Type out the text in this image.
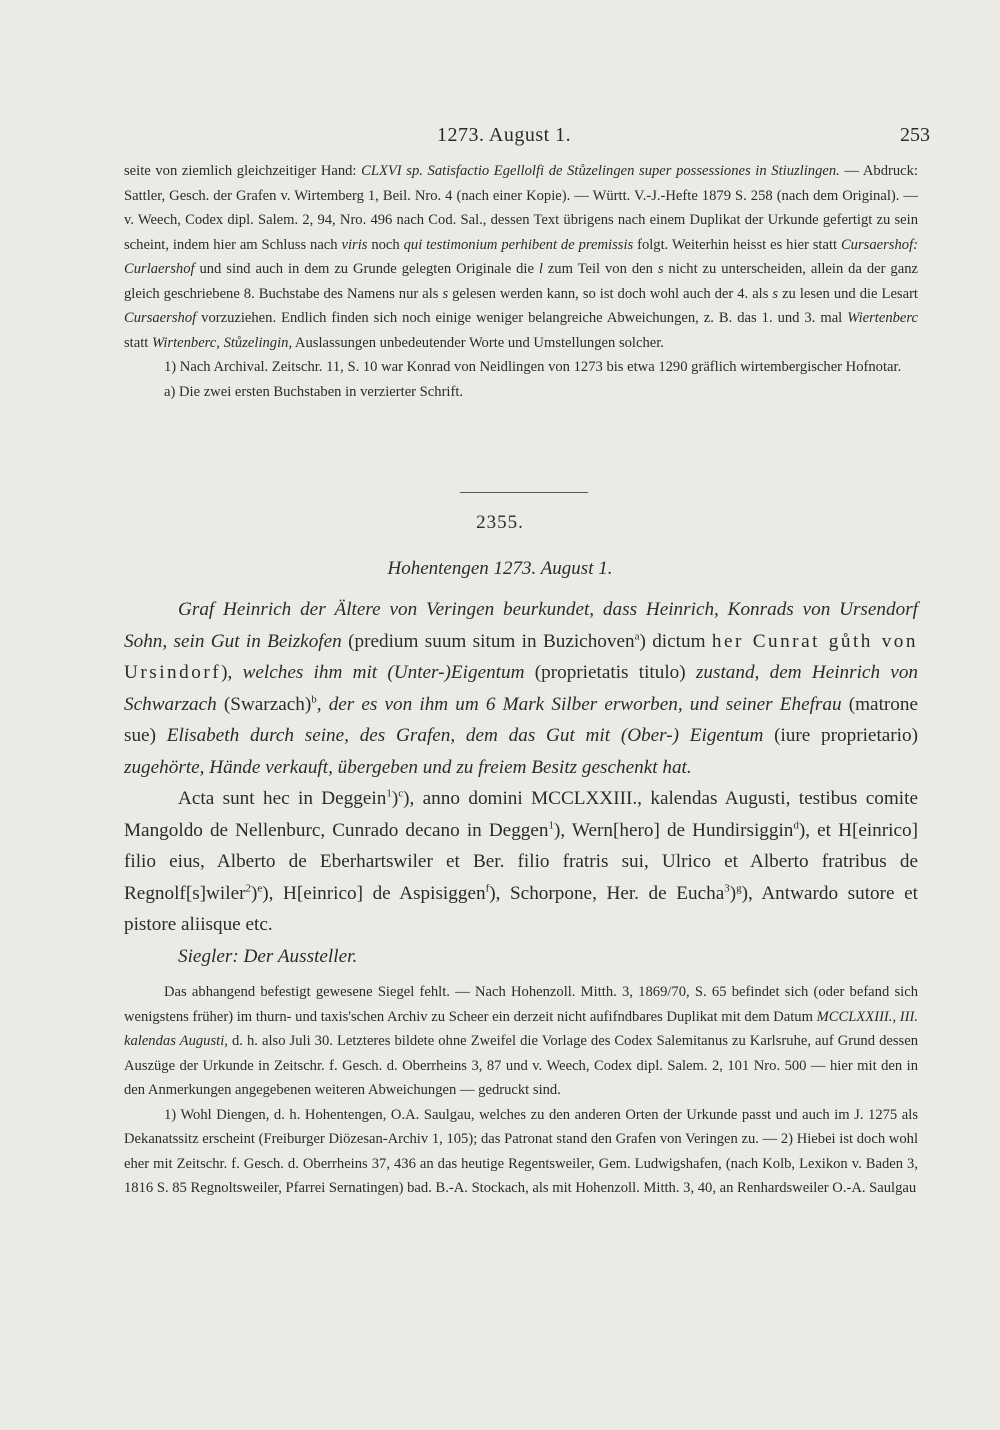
1273. August 1.	253

seite von ziemlich gleichzeitiger Hand: CLXVI sp. Satisfactio Egellolfi de Stůzelingen super possessiones in Stiuzlingen. — Abdruck: Sattler, Gesch. der Grafen v. Wirtemberg 1, Beil. Nro. 4 (nach einer Kopie). — Württ. V.-J.-Hefte 1879 S. 258 (nach dem Original). — v. Weech, Codex dipl. Salem. 2, 94, Nro. 496 nach Cod. Sal., dessen Text übrigens nach einem Duplikat der Urkunde gefertigt zu sein scheint, indem hier am Schluss nach viris noch qui testimonium perhibent de premissis folgt. Weiterhin heisst es hier statt Cursaershof: Curlaershof und sind auch in dem zu Grunde gelegten Originale die l zum Teil von den s nicht zu unterscheiden, allein da der ganz gleich geschriebene 8. Buchstabe des Namens nur als s gelesen werden kann, so ist doch wohl auch der 4. als s zu lesen und die Lesart Cursaershof vorzuziehen. Endlich finden sich noch einige weniger belangreiche Abweichungen, z. B. das 1. und 3. mal Wiertenberc statt Wirtenberc, Stůzelingin, Auslassungen unbedeutender Worte und Umstellungen solcher.

1) Nach Archival. Zeitschr. 11, S. 10 war Konrad von Neidlingen von 1273 bis etwa 1290 gräflich wirtembergischer Hofnotar.

a) Die zwei ersten Buchstaben in verzierter Schrift.

2355.
Hohentengen 1273. August 1.

Graf Heinrich der Ältere von Veringen beurkundet, dass Heinrich, Konrads von Ursendorf Sohn, sein Gut in Beizkofen (predium suum situm in Buzichoven$^a$) dictum her Cunrat gůth von Ursindorf), welches ihm mit (Unter-)Eigentum (proprietatis titulo) zustand, dem Heinrich von Schwarzach (Swarzach)$^b$, der es von ihm um 6 Mark Silber erworben, und seiner Ehefrau (matrone sue) Elisabeth durch seine, des Grafen, dem das Gut mit (Ober-) Eigentum (iure proprietario) zugehörte, Hände verkauft, übergeben und zu freiem Besitz geschenkt hat.

Acta sunt hec in Deggein$^1$)$^c$), anno domini MCCLXXIII., kalendas Augusti, testibus comite Mangoldo de Nellenburc, Cunrado decano in Deggen$^1$), Wern[hero] de Hundirsiggin$^d$), et H[einrico] filio eius, Alberto de Eberhartswiler et Ber. filio fratris sui, Ulrico et Alberto fratribus de Regnolf[s]wiler$^2$)$^e$), H[einrico] de Aspisiggen$^f$), Schorpone, Her. de Eucha$^3$)$^g$), Antwardo sutore et pistore aliisque etc.

Siegler: Der Aussteller.

Das abhangend befestigt gewesene Siegel fehlt. — Nach Hohenzoll. Mitth. 3, 1869/70, S. 65 befindet sich (oder befand sich wenigstens früher) im thurn- und taxis'schen Archiv zu Scheer ein derzeit nicht aufifndbares Duplikat mit dem Datum MCCLXXIII., III. kalendas Augusti, d. h. also Juli 30. Letzteres bildete ohne Zweifel die Vorlage des Codex Salemitanus zu Karlsruhe, auf Grund dessen Auszüge der Urkunde in Zeitschr. f. Gesch. d. Oberrheins 3, 87 und v. Weech, Codex dipl. Salem. 2, 101 Nro. 500 — hier mit den in den Anmerkungen angegebenen weiteren Abweichungen — gedruckt sind.

1) Wohl Diengen, d. h. Hohentengen, O.A. Saulgau, welches zu den anderen Orten der Urkunde passt und auch im J. 1275 als Dekanatssitz erscheint (Freiburger Diözesan-Archiv 1, 105); das Patronat stand den Grafen von Veringen zu. — 2) Hiebei ist doch wohl eher mit Zeitschr. f. Gesch. d. Oberrheins 37, 436 an das heutige Regentsweiler, Gem. Ludwigshafen, (nach Kolb, Lexikon v. Baden 3, 1816 S. 85 Regnoltsweiler, Pfarrei Sernatingen) bad. B.-A. Stockach, als mit Hohenzoll. Mitth. 3, 40, an Renhardsweiler O.-A. Saulgau
